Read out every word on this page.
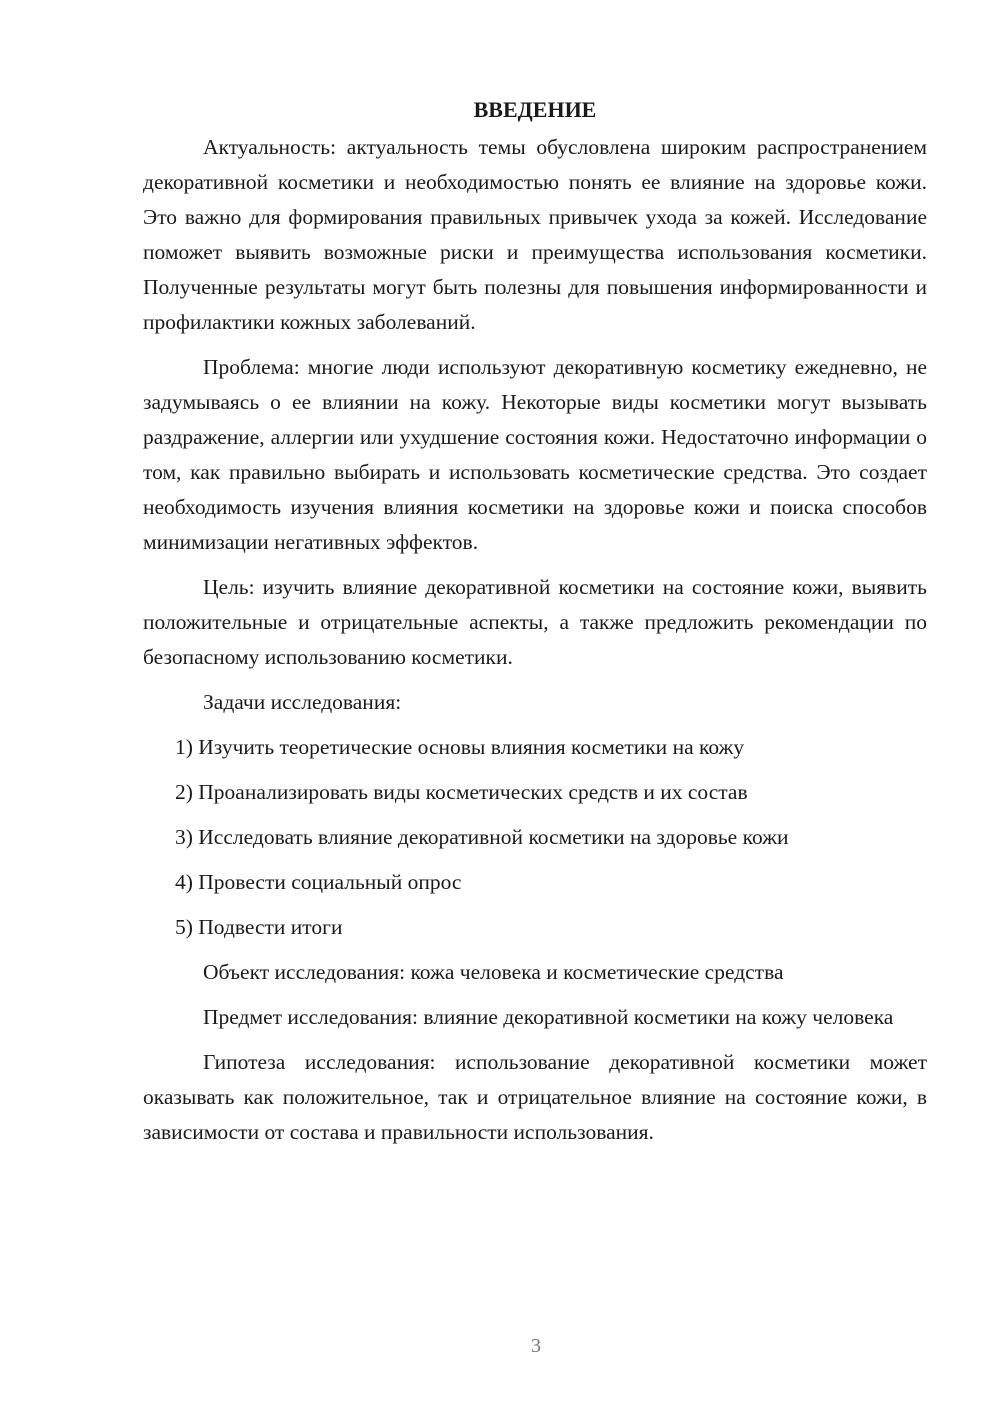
ВВЕДЕНИЕ

Актуальность: актуальность темы обусловлена широким распространением декоративной косметики и необходимостью понять ее влияние на здоровье кожи. Это важно для формирования правильных привычек ухода за кожей. Исследование поможет выявить возможные риски и преимущества использования косметики. Полученные результаты могут быть полезны для повышения информированности и профилактики кожных заболеваний.

Проблема: многие люди используют декоративную косметику ежедневно, не задумываясь о ее влиянии на кожу. Некоторые виды косметики могут вызывать раздражение, аллергии или ухудшение состояния кожи. Недостаточно информации о том, как правильно выбирать и использовать косметические средства. Это создает необходимость изучения влияния косметики на здоровье кожи и поиска способов минимизации негативных эффектов.

Цель: изучить влияние декоративной косметики на состояние кожи, выявить положительные и отрицательные аспекты, а также предложить рекомендации по безопасному использованию косметики.

Задачи исследования:

1) Изучить теоретические основы влияния косметики на кожу

2) Проанализировать виды косметических средств и их состав

3) Исследовать влияние декоративной косметики на здоровье кожи

4) Провести социальный опрос

5) Подвести итоги

Объект исследования: кожа человека и косметические средства

Предмет исследования: влияние декоративной косметики на кожу человека

Гипотеза исследования: использование декоративной косметики может оказывать как положительное, так и отрицательное влияние на состояние кожи, в зависимости от состава и правильности использования.

3
